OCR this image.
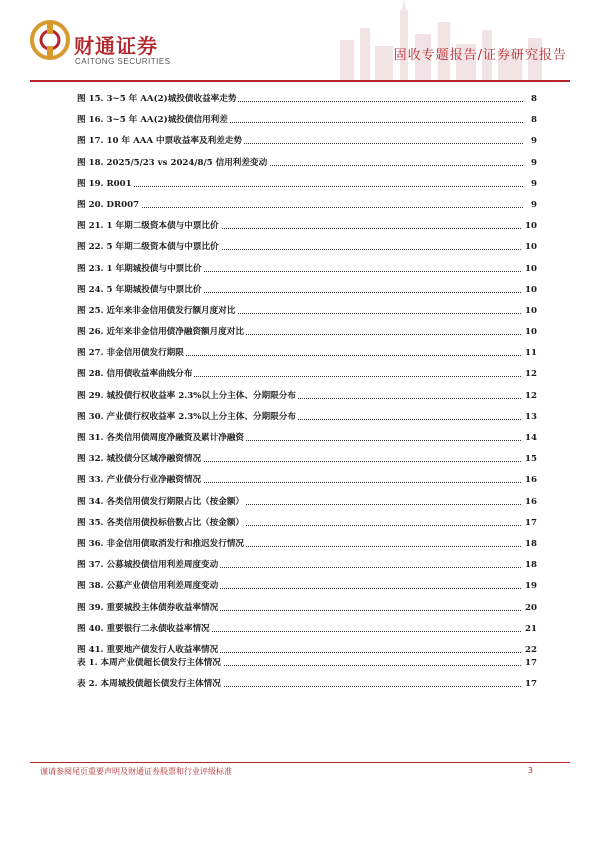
财通证券
CAITONG SECURITIES	固收专题报告/证券研究报告
图 15. 3~5 年 AA(2)城投债收益率走势	8
图 16. 3~5 年 AA(2)城投债信用利差	8
图 17. 10 年 AAA 中票收益率及利差走势	9
图 18. 2025/5/23 vs 2024/8/5 信用利差变动	9
图 19. R001	9
图 20. DR007	9
图 21. 1 年期二级资本债与中票比价	10
图 22. 5 年期二级资本债与中票比价	10
图 23. 1 年期城投债与中票比价	10
图 24. 5 年期城投债与中票比价	10
图 25. 近年来非金信用债发行额月度对比	10
图 26. 近年来非金信用债净融资额月度对比	10
图 27. 非金信用债发行期限	11
图 28. 信用债收益率曲线分布	12
图 29. 城投债行权收益率 2.3%以上分主体、分期限分布	12
图 30. 产业债行权收益率 2.3%以上分主体、分期限分布	13
图 31. 各类信用债周度净融资及累计净融资	14
图 32. 城投债分区域净融资情况	15
图 33. 产业债分行业净融资情况	16
图 34. 各类信用债发行期限占比（按金额）	16
图 35. 各类信用债投标倍数占比（按金额）	17
图 36. 非金信用债取消发行和推迟发行情况	18
图 37. 公募城投债信用利差周度变动	18
图 38. 公募产业债信用利差周度变动	19
图 39. 重要城投主体债券收益率情况	20
图 40. 重要银行二永债收益率情况	21
图 41. 重要地产债发行人收益率情况	22
表 1. 本周产业债超长债发行主体情况	17
表 2. 本周城投债超长债发行主体情况	17
谨请参阅尾页重要声明及财通证券股票和行业评级标准	3
